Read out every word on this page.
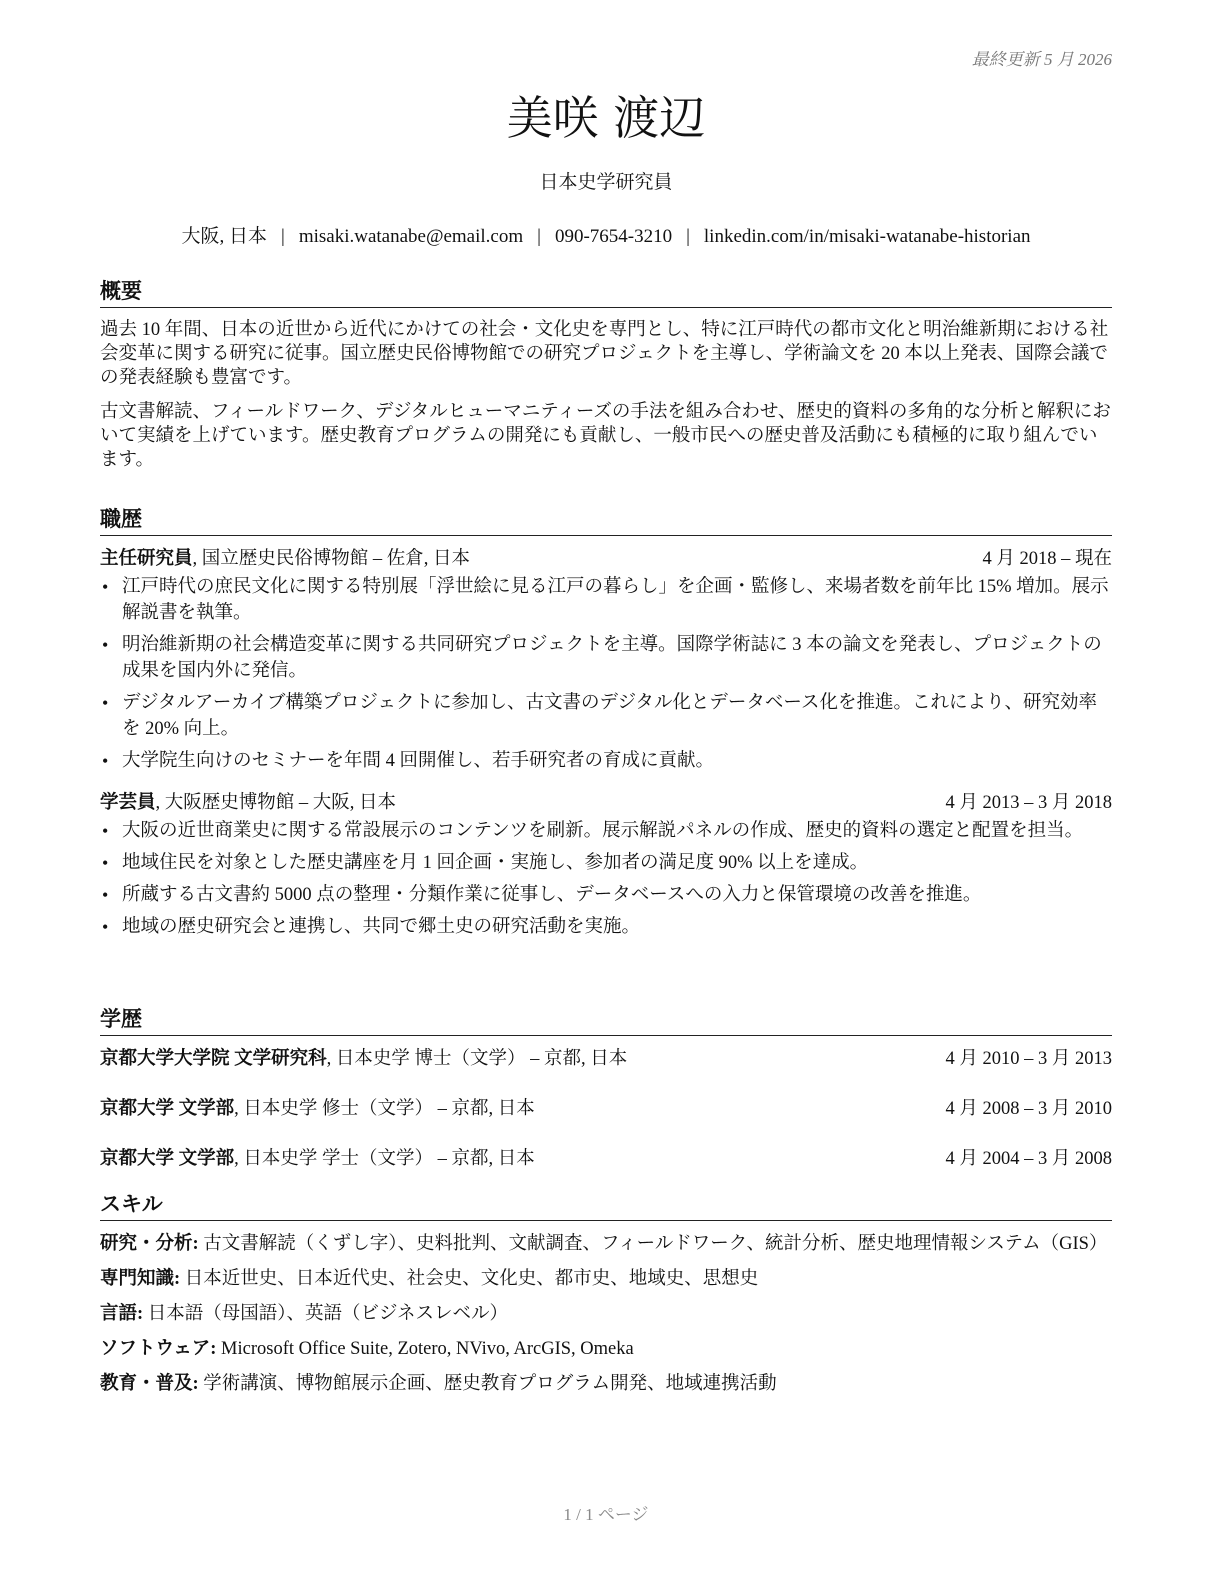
最終更新 5 月 2026
美咲 渡辺
日本史学研究員
大阪, 日本 | misaki.watanabe@email.com | 090-7654-3210 | linkedin.com/in/misaki-watanabe-historian
概要

過去 10 年間、日本の近世から近代にかけての社会・文化史を専門とし、特に江戸時代の都市文化と明治維新期における社会変革に関する研究に従事。国立歴史民俗博物館での研究プロジェクトを主導し、学術論文を 20 本以上発表、国際会議での発表経験も豊富です。

古文書解読、フィールドワーク、デジタルヒューマニティーズの手法を組み合わせ、歴史的資料の多角的な分析と解釈において実績を上げています。歴史教育プログラムの開発にも貢献し、一般市民への歴史普及活動にも積極的に取り組んでいます。

職歴
主任研究員, 国立歴史民俗博物館 – 佐倉, 日本	4 月 2018 – 現在
• 江戸時代の庶民文化に関する特別展「浮世絵に見る江戸の暮らし」を企画・監修し、来場者数を前年比 15% 増加。展示解説書を執筆。
• 明治維新期の社会構造変革に関する共同研究プロジェクトを主導。国際学術誌に 3 本の論文を発表し、プロジェクトの成果を国内外に発信。
• デジタルアーカイブ構築プロジェクトに参加し、古文書のデジタル化とデータベース化を推進。これにより、研究効率を 20% 向上。
• 大学院生向けのセミナーを年間 4 回開催し、若手研究者の育成に貢献。
学芸員, 大阪歴史博物館 – 大阪, 日本	4 月 2013 – 3 月 2018
• 大阪の近世商業史に関する常設展示のコンテンツを刷新。展示解説パネルの作成、歴史的資料の選定と配置を担当。
• 地域住民を対象とした歴史講座を月 1 回企画・実施し、参加者の満足度 90% 以上を達成。
• 所蔵する古文書約 5000 点の整理・分類作業に従事し、データベースへの入力と保管環境の改善を推進。
• 地域の歴史研究会と連携し、共同で郷土史の研究活動を実施。
学歴
京都大学大学院 文学研究科, 日本史学 博士（文学） – 京都, 日本	4 月 2010 – 3 月 2013
京都大学 文学部, 日本史学 修士（文学） – 京都, 日本	4 月 2008 – 3 月 2010
京都大学 文学部, 日本史学 学士（文学） – 京都, 日本	4 月 2004 – 3 月 2008
スキル
研究・分析: 古文書解読（くずし字）、史料批判、文献調査、フィールドワーク、統計分析、歴史地理情報システム（GIS）
専門知識: 日本近世史、日本近代史、社会史、文化史、都市史、地域史、思想史
言語: 日本語（母国語）、英語（ビジネスレベル）
ソフトウェア: Microsoft Office Suite, Zotero, NVivo, ArcGIS, Omeka
教育・普及: 学術講演、博物館展示企画、歴史教育プログラム開発、地域連携活動
1 / 1 ページ
